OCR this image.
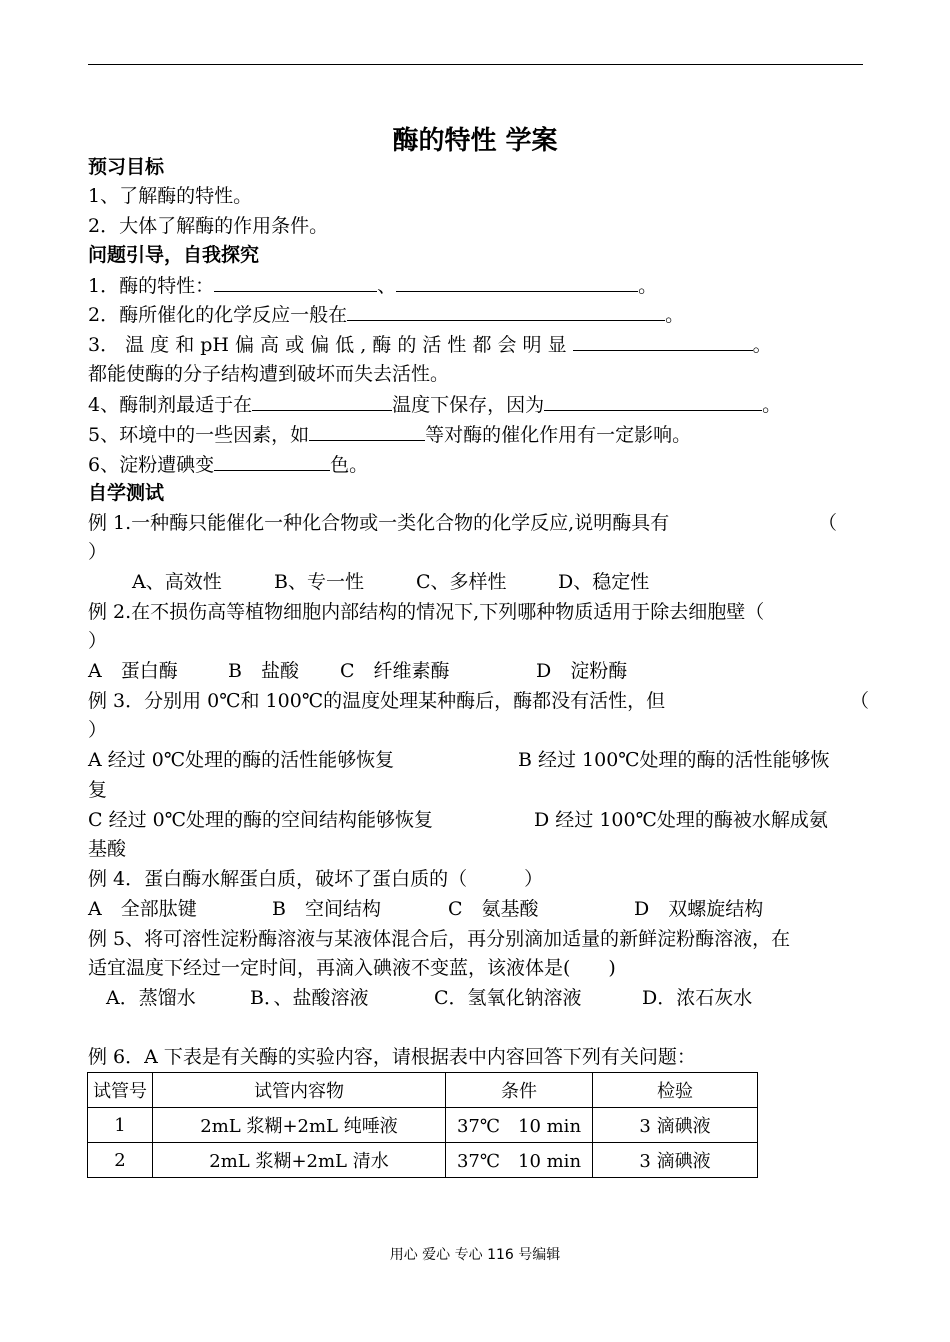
酶的特性 学案
预习目标
1、了解酶的特性。
2．大体了解酶的作用条件。
问题引导，自我探究
1．酶的特性：	、	。
2．酶所催化的化学反应一般在	。
3． 温 度 和 pH 偏 高 或 偏 低 , 酶 的 活 性 都 会 明 显	。
都能使酶的分子结构遭到破坏而失去活性。
4、酶制剂最适于在	温度下保存，因为	。
5、环境中的一些因素，如	等对酶的催化作用有一定影响。
6、淀粉遭碘变	色。
自学测试
例 1.一种酶只能催化一种化合物或一类化合物的化学反应,说明酶具有	（
）
A、高效性	B、专一性	C、多样性	D、稳定性
例 2.在不损伤高等植物细胞内部结构的情况下,下列哪种物质适用于除去细胞壁（
）
A　蛋白酶	B　盐酸 C　纤维素酶	D　淀粉酶
例 3．分别用 0℃和 100℃的温度处理某种酶后，酶都没有活性，但	（
）
A 经过 0℃处理的酶的活性能够恢复	B 经过 100℃处理的酶的活性能够恢
复
C 经过 0℃处理的酶的空间结构能够恢复	D 经过 100℃处理的酶被水解成氨
基酸
例 4．蛋白酶水解蛋白质，破坏了蛋白质的（　　　）
A　全部肽键	B　空间结构	C　氨基酸	D　双螺旋结构
例 5、将可溶性淀粉酶溶液与某液体混合后，再分别滴加适量的新鲜淀粉酶溶液，在
适宜温度下经过一定时间，再滴入碘液不变蓝，该液体是(　　)
A．蒸馏水	B．、盐酸溶液	C．氢氧化钠溶液	D．浓石灰水
例 6．A 下表是有关酶的实验内容，请根据表中内容回答下列有关问题：
试管号	试管内容物	条件	检验
1	2mL 浆糊+2mL 纯唾液	37℃　10 min	3 滴碘液
2	2mL 浆糊+2mL 清水	37℃　10 min	3 滴碘液
用心 爱心 专心 116 号编辑
